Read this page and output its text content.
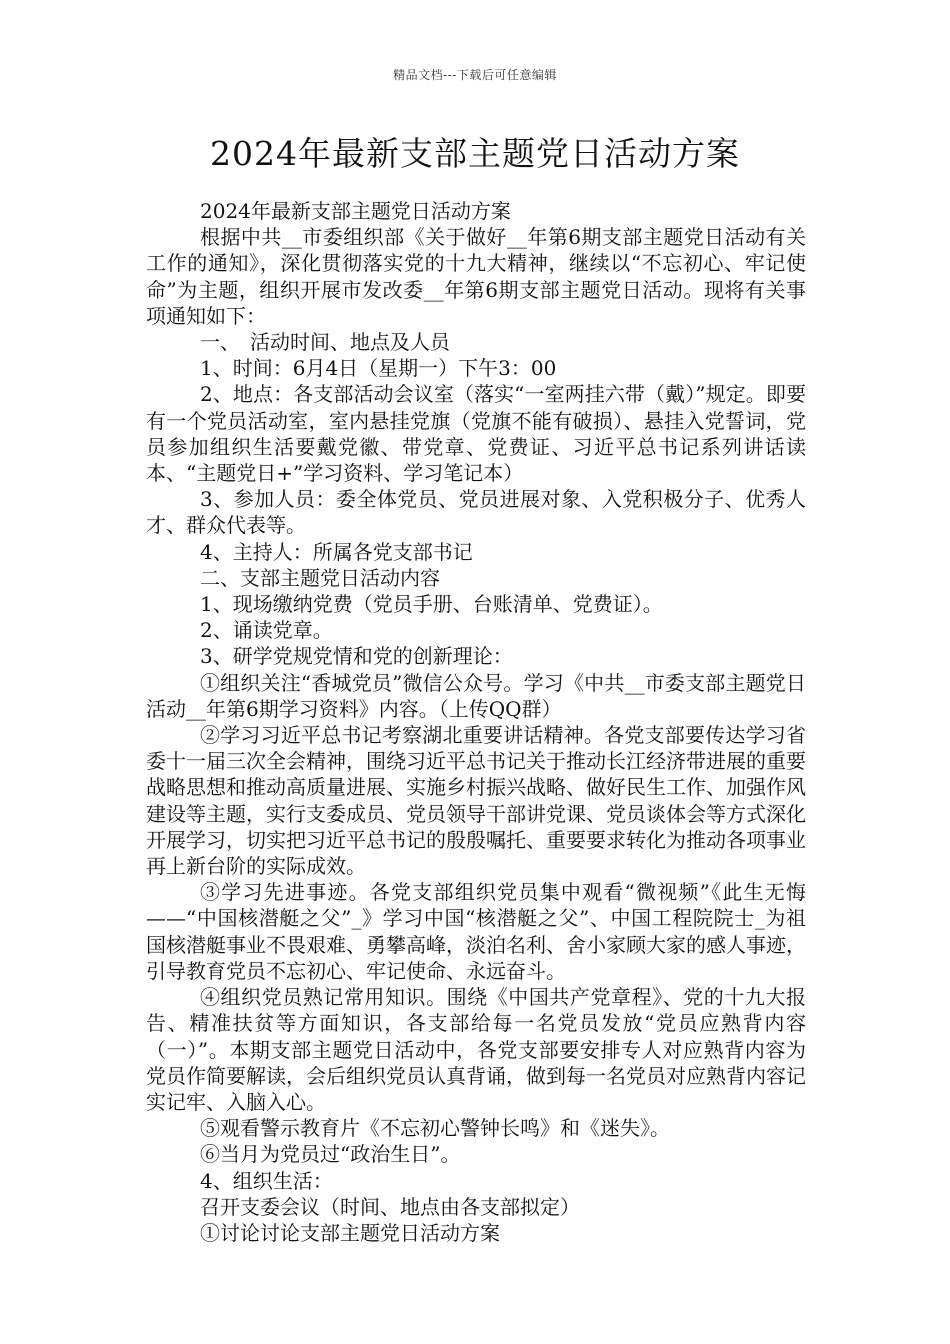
精品文档---下载后可任意编辑
2024年最新支部主题党日活动方案

2024年最新支部主题党日活动方案

根据中共__市委组织部《关于做好__年第6期支部主题党日活动有关工作的通知》，深化贯彻落实党的十九大精神，继续以“不忘初心、牢记使命”为主题，组织开展市发改委__年第6期支部主题党日活动。现将有关事项通知如下：

一、　活动时间、地点及人员

1、时间：6月4日（星期一）下午3：00

2、地点：各支部活动会议室（落实“一室两挂六带（戴）”规定。即要有一个党员活动室，室内悬挂党旗（党旗不能有破损）、悬挂入党誓词，党员参加组织生活要戴党徽、带党章、党费证、习近平总书记系列讲话读本、“主题党日+”学习资料、学习笔记本）

3、参加人员：委全体党员、党员进展对象、入党积极分子、优秀人才、群众代表等。

4、主持人：所属各党支部书记

二、支部主题党日活动内容

1、现场缴纳党费（党员手册、台账清单、党费证）。

2、诵读党章。

3、研学党规党情和党的创新理论：

①组织关注“香城党员”微信公众号。学习《中共__市委支部主题党日活动__年第6期学习资料》内容。（上传QQ群）

②学习习近平总书记考察湖北重要讲话精神。各党支部要传达学习省委十一届三次全会精神，围绕习近平总书记关于推动长江经济带进展的重要战略思想和推动高质量进展、实施乡村振兴战略、做好民生工作、加强作风建设等主题，实行支委成员、党员领导干部讲党课、党员谈体会等方式深化开展学习，切实把习近平总书记的殷殷嘱托、重要要求转化为推动各项事业再上新台阶的实际成效。

③学习先进事迹。各党支部组织党员集中观看“微视频”《此生无悔——“中国核潜艇之父”_》学习中国“核潜艇之父”、中国工程院院士_为祖国核潜艇事业不畏艰难、勇攀高峰，淡泊名利、舍小家顾大家的感人事迹，引导教育党员不忘初心、牢记使命、永远奋斗。

④组织党员熟记常用知识。围绕《中国共产党章程》、党的十九大报告、精准扶贫等方面知识，各支部给每一名党员发放“党员应熟背内容（一）”。本期支部主题党日活动中，各党支部要安排专人对应熟背内容为党员作简要解读，会后组织党员认真背诵，做到每一名党员对应熟背内容记实记牢、入脑入心。

⑤观看警示教育片《不忘初心警钟长鸣》和《迷失》。

⑥当月为党员过“政治生日”。

4、组织生活：

召开支委会议（时间、地点由各支部拟定）

①讨论讨论支部主题党日活动方案
